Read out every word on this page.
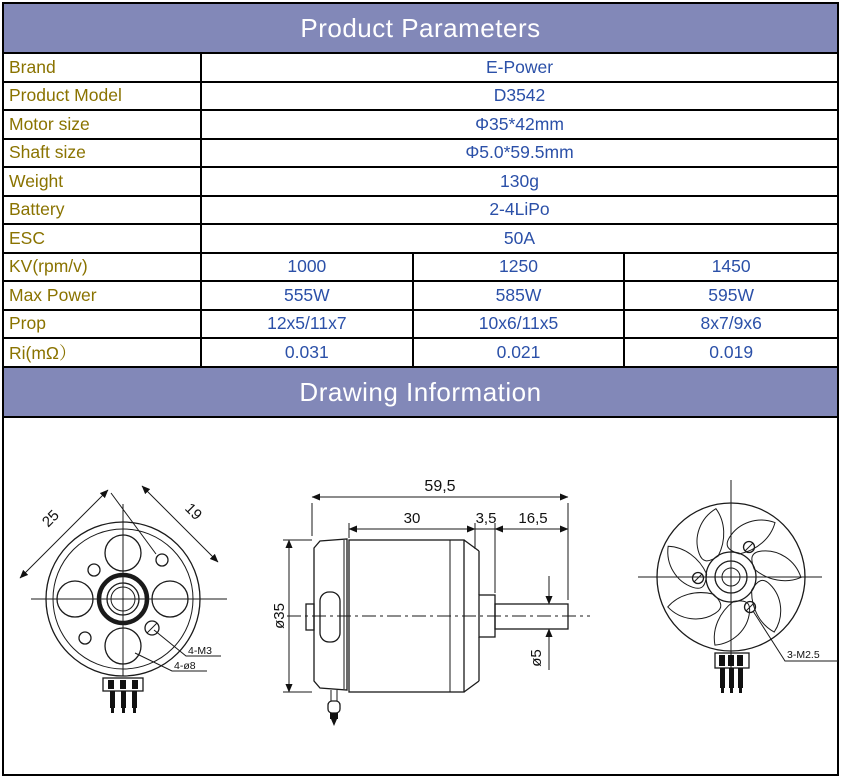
Product Parameters
Brand	E-Power
Product Model	D3542
Motor size	Φ35*42mm
Shaft size	Φ5.0*59.5mm
Weight	130g
Battery	2-4LiPo
ESC	50A
KV(rpm/v)	1000	1250	1450
Max Power	555W	585W	595W
Prop	12x5/11x7	10x6/11x5	8x7/9x6
Ri(mΩ）	0.031	0.021	0.019
Drawing Information
25	19
4-M3
4-ø8
59,5
30	3,5 16,5
ø35
ø5	3-M2.5
